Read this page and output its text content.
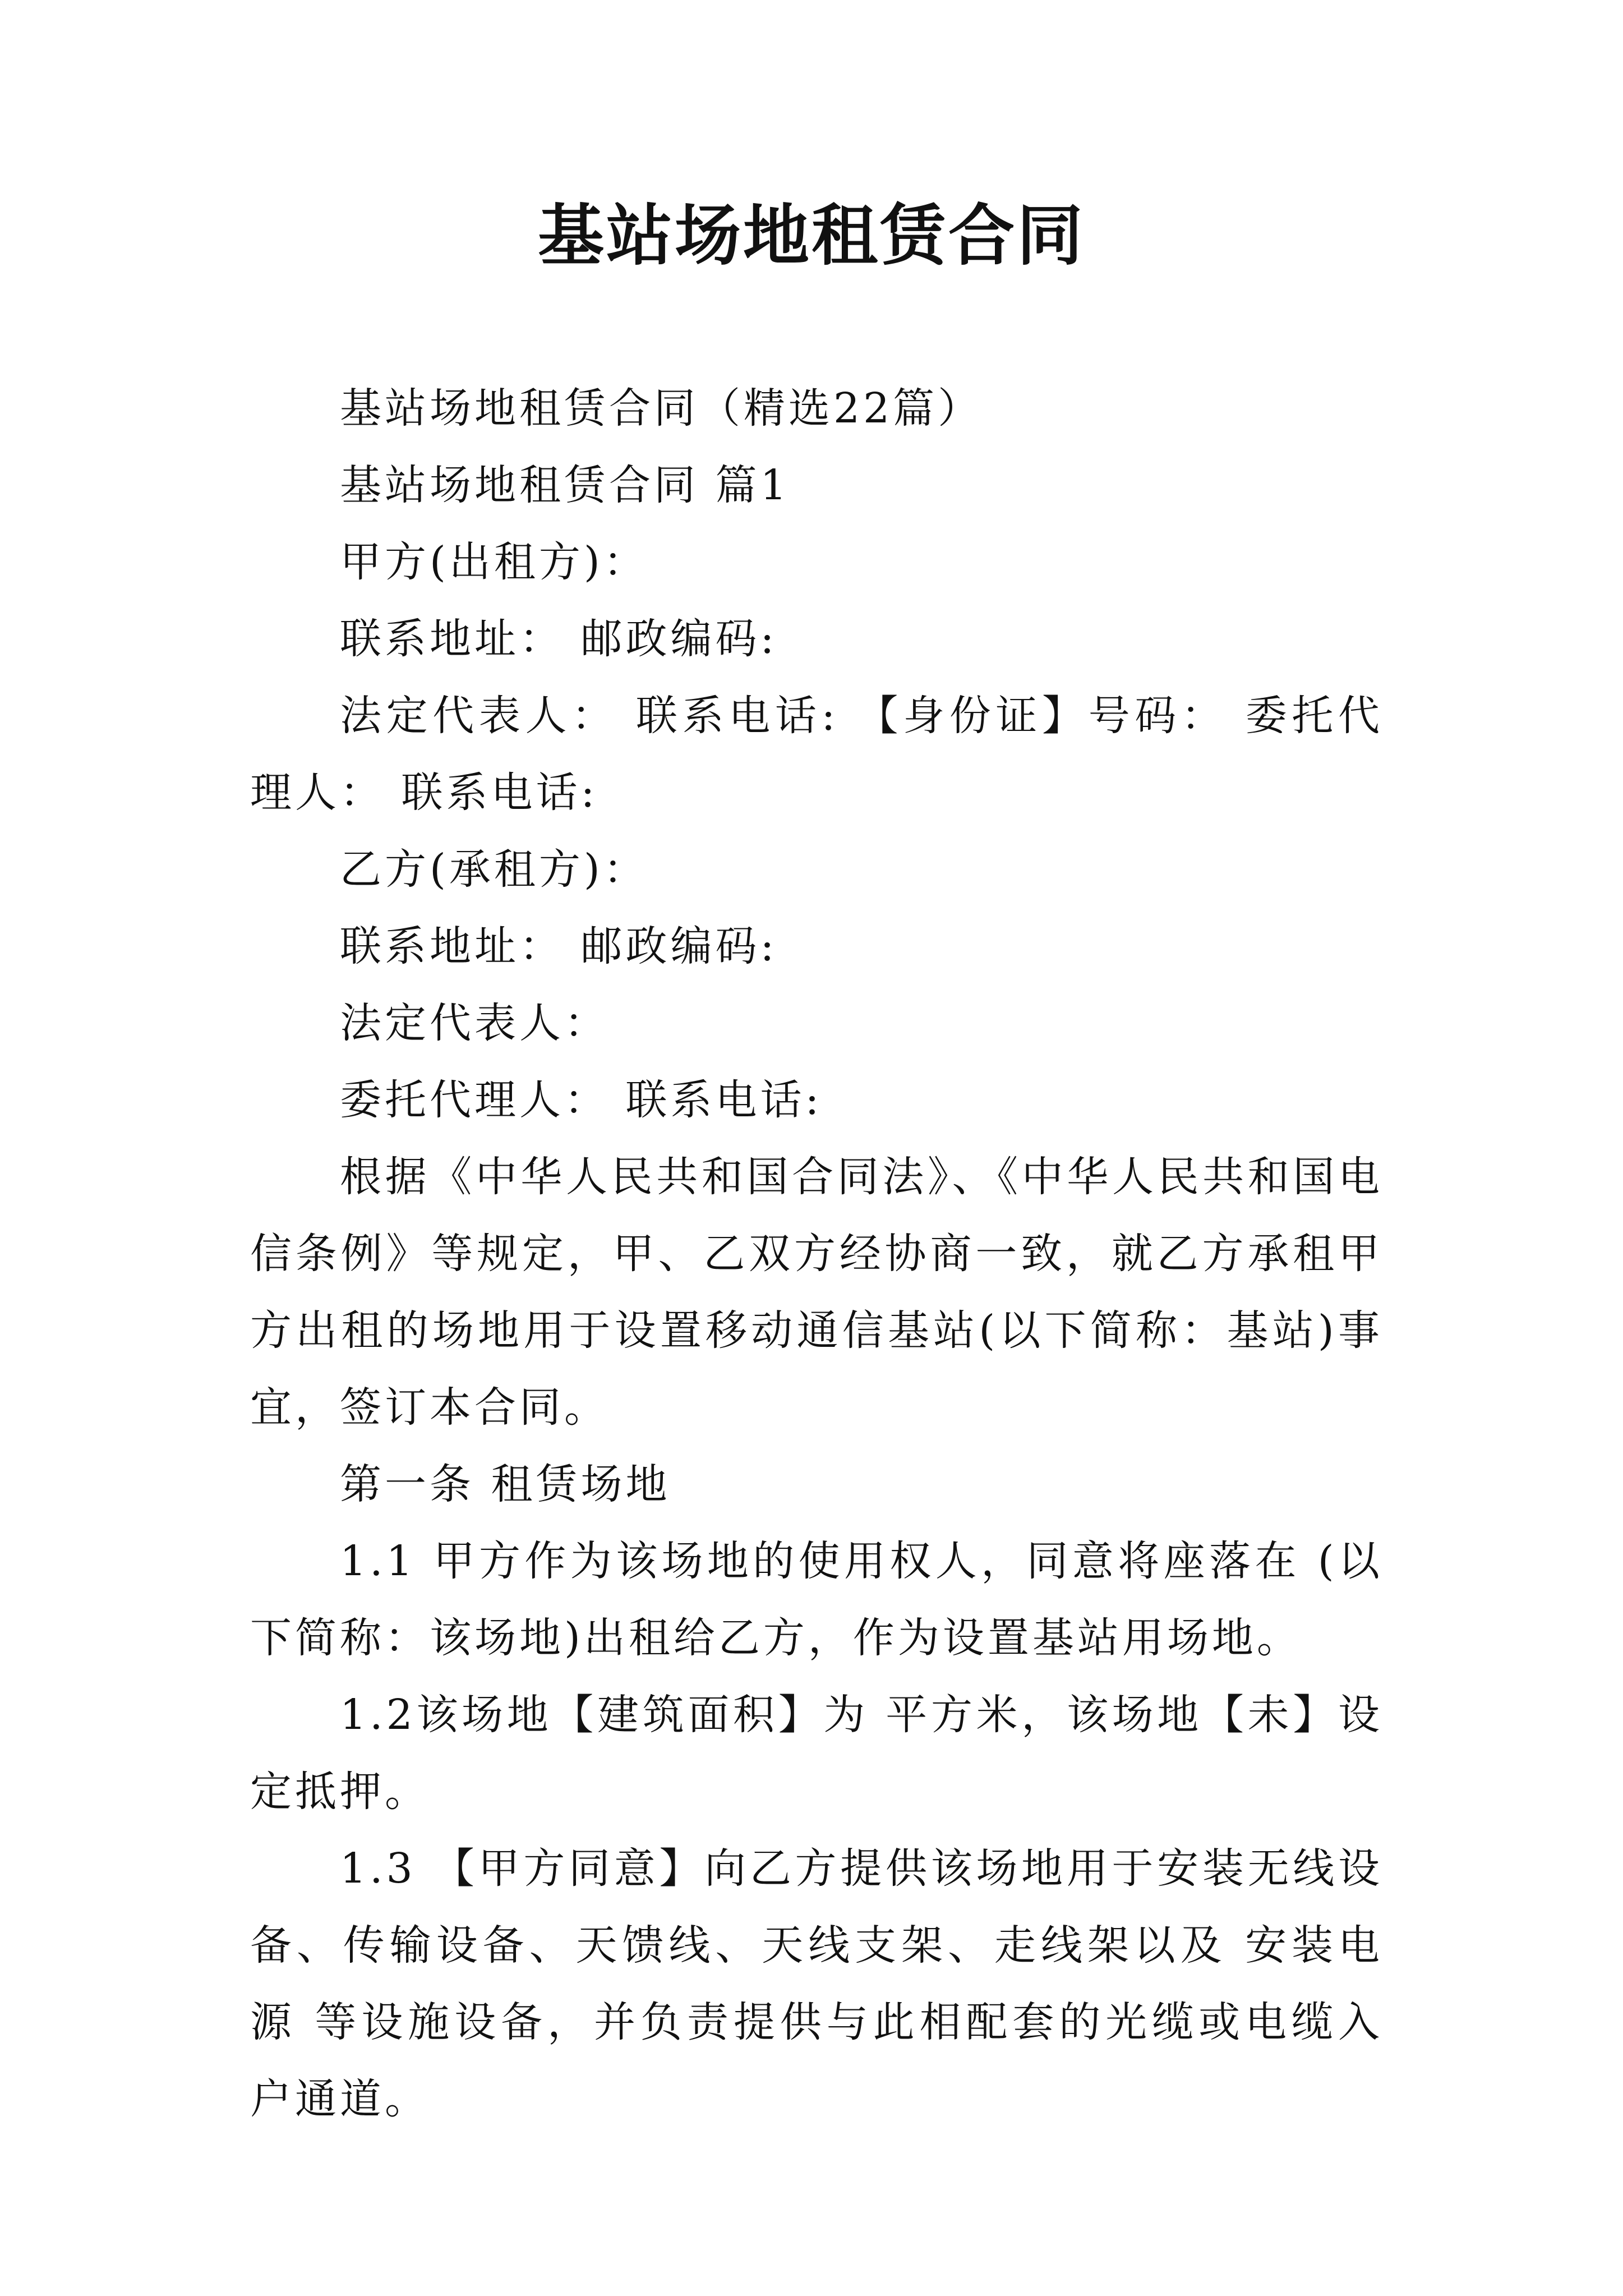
基站场地租赁合同

基站场地租赁合同（精选22篇）

基站场地租赁合同 篇1

甲方(出租方)：

联系地址： 邮政编码:

法定代表人： 联系电话: 【身份证】号码： 委托代理人： 联系电话:

乙方(承租方)：

联系地址： 邮政编码:

法定代表人：

委托代理人： 联系电话:

根据《中华人民共和国合同法》、《中华人民共和国电信条例》等规定，甲、乙双方经协商一致，就乙方承租甲方出租的场地用于设置移动通信基站(以下简称：基站)事宜，签订本合同。

第一条 租赁场地

1.1 甲方作为该场地的使用权人，同意将座落在 (以下简称：该场地)出租给乙方，作为设置基站用场地。

1.2该场地【建筑面积】为 平方米，该场地【未】设定抵押。

1.3 【甲方同意】向乙方提供该场地用于安装无线设备、传输设备、天馈线、天线支架、走线架以及 安装电源 等设施设备，并负责提供与此相配套的光缆或电缆入户通道。
